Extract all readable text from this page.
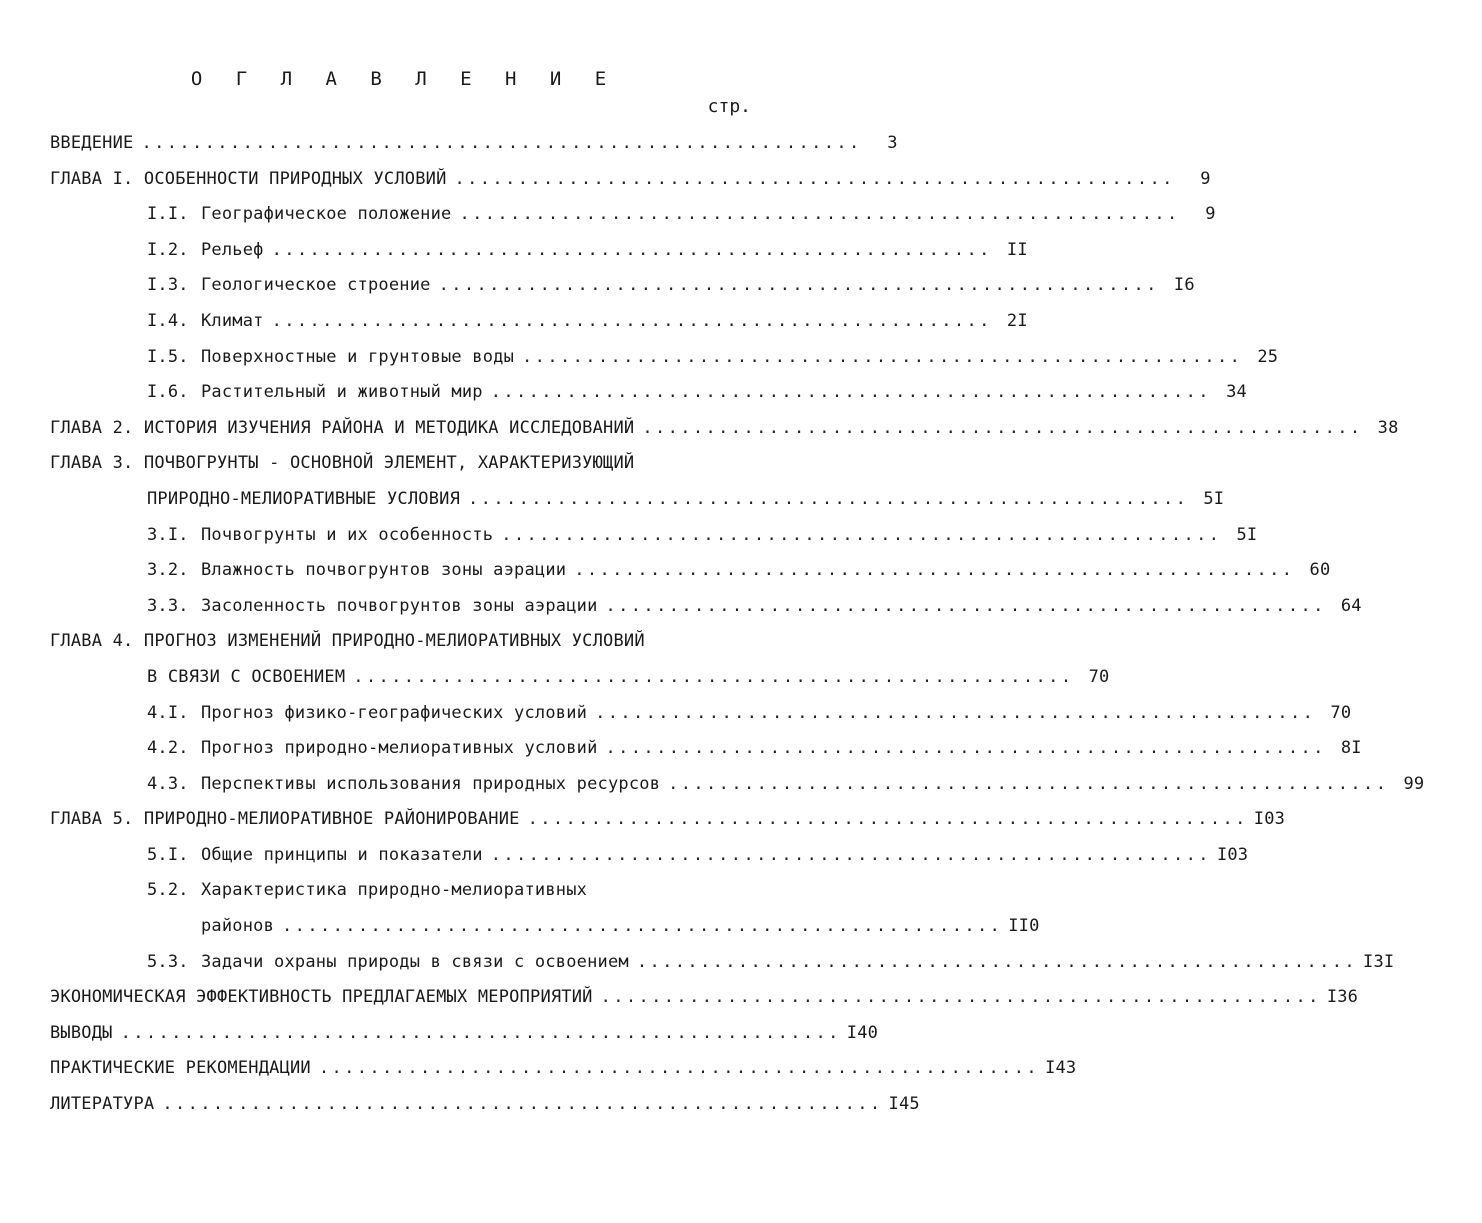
О Г Л А В Л Е Н И Е
стр.
ВВЕДЕНИЕ .........................................................	3
ГЛАВА I. ОСОБЕННОСТИ ПРИРОДНЫХ УСЛОВИЙ .........................................................	9
I.I. Географическое положение .........................................................	9
I.2. Рельеф ......................................................... II
I.3. Геологическое строение ......................................................... I6
I.4. Климат ......................................................... 2I
I.5. Поверхностные и грунтовые воды ......................................................... 25
I.6. Растительный и животный мир ......................................................... 34
ГЛАВА 2. ИСТОРИЯ ИЗУЧЕНИЯ РАЙОНА И МЕТОДИКА ИССЛЕДОВАНИЙ ......................................................... 38
ГЛАВА 3. ПОЧВОГРУНТЫ - ОСНОВНОЙ ЭЛЕМЕНТ, ХАРАКТЕРИЗУЮЩИЙ
ПРИРОДНО-МЕЛИОРАТИВНЫЕ УСЛОВИЯ ......................................................... 5I
3.I. Почвогрунты и их особенность ......................................................... 5I
3.2. Влажность почвогрунтов зоны аэрации ......................................................... 60
3.3. Засоленность почвогрунтов зоны аэрации ......................................................... 64
ГЛАВА 4. ПРОГНОЗ ИЗМЕНЕНИЙ ПРИРОДНО-МЕЛИОРАТИВНЫХ УСЛОВИЙ
В СВЯЗИ С ОСВОЕНИЕМ ......................................................... 70
4.I. Прогноз физико-географических условий ......................................................... 70
4.2. Прогноз природно-мелиоративных условий ......................................................... 8I
4.3. Перспективы использования природных ресурсов ......................................................... 99
ГЛАВА 5. ПРИРОДНО-МЕЛИОРАТИВНОЕ РАЙОНИРОВАНИЕ ......................................................... I03
5.I. Общие принципы и показатели ......................................................... I03
5.2. Характеристика природно-мелиоративных
районов ......................................................... II0
5.3. Задачи охраны природы в связи с освоением ......................................................... I3I
ЭКОНОМИЧЕСКАЯ ЭФФЕКТИВНОСТЬ ПРЕДЛАГАЕМЫХ МЕРОПРИЯТИЙ ......................................................... I36
ВЫВОДЫ ......................................................... I40
ПРАКТИЧЕСКИЕ РЕКОМЕНДАЦИИ ......................................................... I43
ЛИТЕРАТУРА ......................................................... I45
